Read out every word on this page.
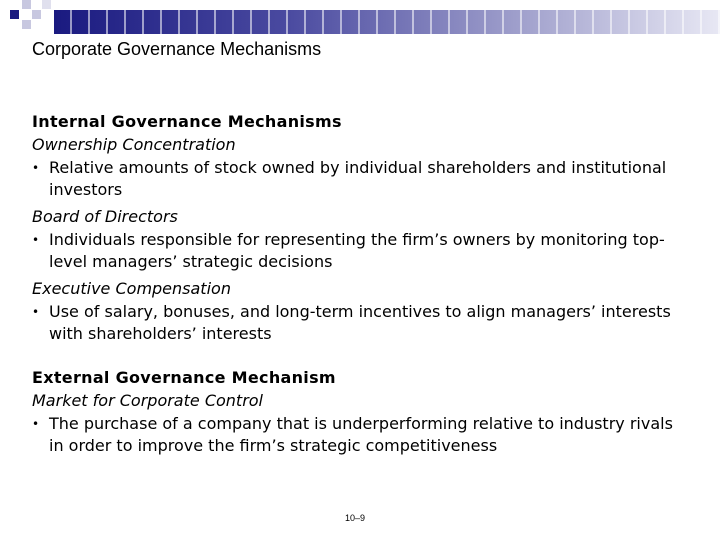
Corporate Governance Mechanisms
Internal Governance Mechanisms
Ownership Concentration
• Relative amounts of stock owned by individual shareholders and institutional investors
Board of Directors
• Individuals responsible for representing the firm’s owners by monitoring top-level managers’ strategic decisions
Executive Compensation
• Use of salary, bonuses, and long-term incentives to align managers’ interests with shareholders’ interests
External Governance Mechanism
Market for Corporate Control
• The purchase of a company that is underperforming relative to industry rivals in order to improve the firm’s strategic competitiveness
10–9
